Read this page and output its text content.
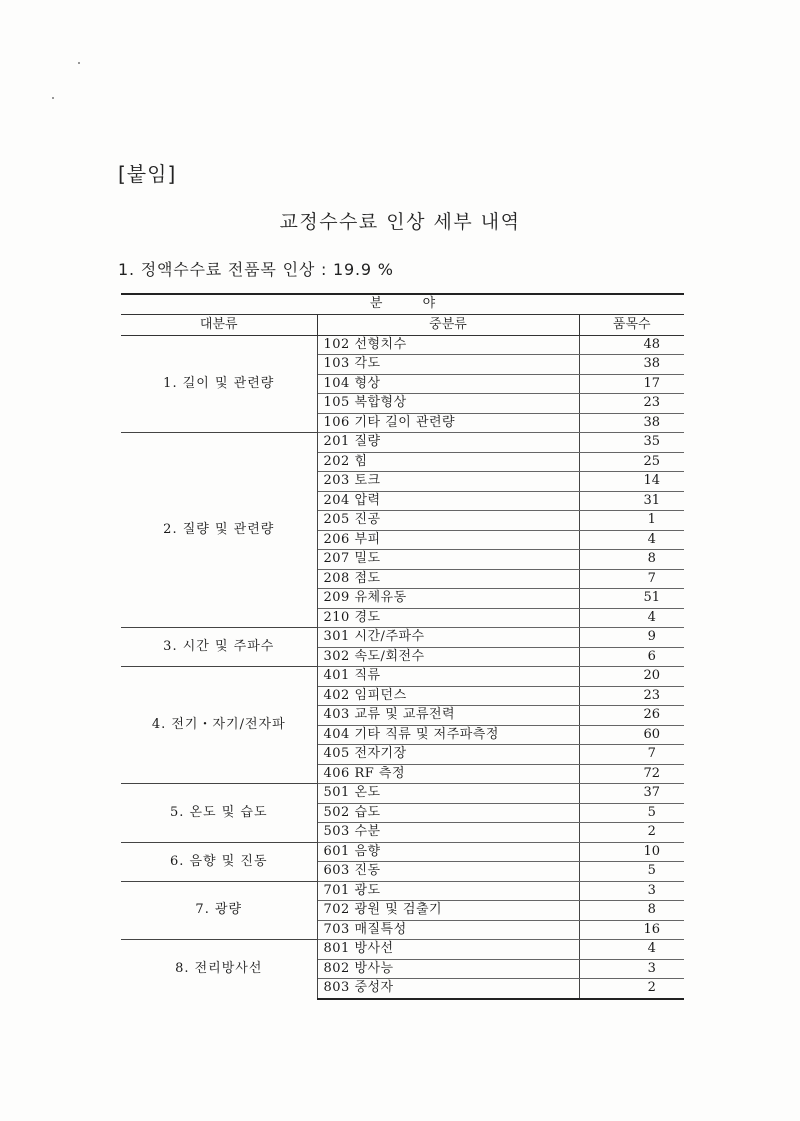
[붙임]
교정수수료 인상 세부 내역
1. 정액수수료 전품목 인상 : 19.9 %
분 야		
대분류	중분류	품목수
1. 길이 및 관련량	102 선형치수	48
	103 각도	38
	104 형상	17
	105 복합형상	23
	106 기타 길이 관련량	38
2. 질량 및 관련량	201 질량	35
	202 힘	25
	203 토크	14
	204 압력	31
	205 진공	1
	206 부피	4
	207 밀도	8
	208 점도	7
	209 유체유동	51
	210 경도	4
3. 시간 및 주파수	301 시간/주파수	9
	302 속도/회전수	6
4. 전기・자기/전자파	401 직류	20
	402 임피던스	23
	403 교류 및 교류전력	26
	404 기타 직류 및 저주파측정	60
	405 전자기장	7
	406 RF 측정	72
5. 온도 및 습도	501 온도	37
	502 습도	5
	503 수분	2
6. 음향 및 진동	601 음향	10
	603 진동	5
7. 광량	701 광도	3
	702 광원 및 검출기	8
	703 매질특성	16
8. 전리방사선	801 방사선	4
	802 방사능	3
	803 중성자	2
